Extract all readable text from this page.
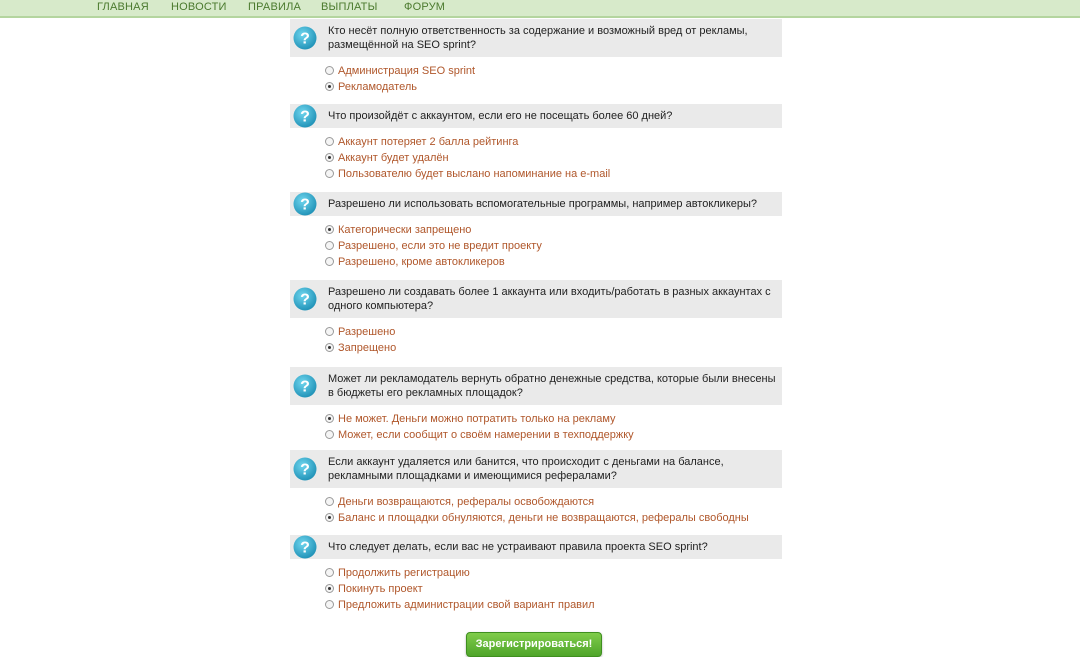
ГЛАВНАЯ НОВОСТИ ПРАВИЛА ВЫПЛАТЫ ФОРУМ
? Кто несёт полную ответственность за содержание и возможный вред от рекламы, размещённой на SEO sprint?
Администрация SEO sprint
Рекламодатель
? Что произойдёт с аккаунтом, если его не посещать более 60 дней?
Аккаунт потеряет 2 балла рейтинга
Аккаунт будет удалён
Пользователю будет выслано напоминание на e-mail
? Разрешено ли использовать вспомогательные программы, например автокликеры?
Категорически запрещено
Разрешено, если это не вредит проекту
Разрешено, кроме автокликеров
? Разрешено ли создавать более 1 аккаунта или входить/работать в разных аккаунтах с одного компьютера?
Разрешено
Запрещено
? Может ли рекламодатель вернуть обратно денежные средства, которые были внесены в бюджеты его рекламных площадок?
Не может. Деньги можно потратить только на рекламу
Может, если сообщит о своём намерении в техподдержку
? Если аккаунт удаляется или банится, что происходит с деньгами на балансе, рекламными площадками и имеющимися рефералами?
Деньги возвращаются, рефералы освобождаются
Баланс и площадки обнуляются, деньги не возвращаются, рефералы свободны
? Что следует делать, если вас не устраивают правила проекта SEO sprint?
Продолжить регистрацию
Покинуть проект
Предложить администрации свой вариант правил
Зарегистрироваться!
